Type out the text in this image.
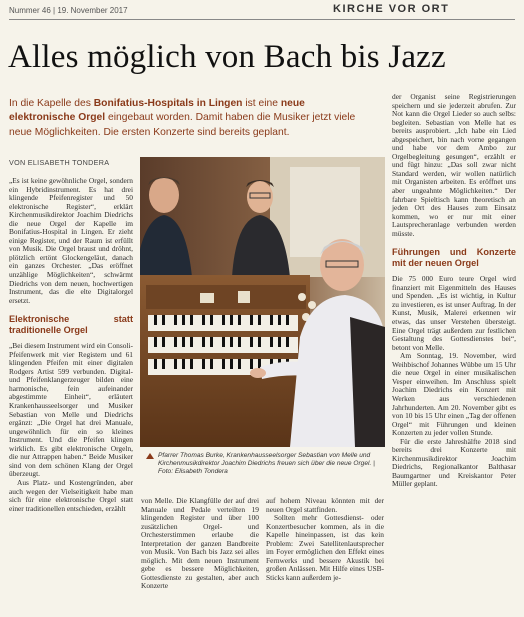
Nummer 46 | 19. November 2017	KIRCHE VOR ORT
Alles möglich von Bach bis Jazz
In die Kapelle des Bonifatius-Hospitals in Lingen ist eine neue elektronische Orgel eingebaut worden. Damit haben die Musiker jetzt viele neue Möglichkeiten. Die ersten Konzerte sind bereits geplant.
VON ELISABETH TONDERA

„Es ist keine gewöhnliche Orgel, sondern ein Hybridinstrument. Es hat drei klingende Pfeifenregister und 50 elektronische Register“, erklärt Kirchenmusikdirektor Joachim Diedrichs die neue Orgel der Kapelle im Bonifatius-Hospital in Lingen. Er zieht einige Register, und der Raum ist erfüllt von Musik. Die Orgel braust und dröhnt, plötzlich ertönt Glockengeläut, danach ein ganzes Orchester. „Das eröffnet unzählige Möglichkeiten“, schwärmt Diedrichs von dem neuen, hochwertigen Instrument, das die elte Digitalorgel ersetzt.

Elektronische statt traditionelle Orgel

„Bei diesem Instrument wird ein Consoli-Pfeifenwerk mit vier Registern und 61 klingenden Pfeifen mit einer digitalen Rodgers Artist 599 verbunden. Digital- und Pfeifenklangerzeuger bilden eine harmonische, fein aufeinander abgestimmte Einheit“, erläutert Krankenhausseelsorger und Musiker Sebastian von Melle und Diedrichs ergänzt: „Die Orgel hat drei Manuale, ungewöhnlich für ein so kleines Instrument. Und die Pfeifen klingen wirklich. Es gibt elektronische Orgeln, die nur Attrappen haben.“ Beide Musiker sind von dem schönen Klang der Orgel überzeugt.

Aus Platz- und Kostengründen, aber auch wegen der Vielseitigkeit habe man sich für eine elektronische Orgel statt einer traditionellen entschieden, erzählt

Pfarrer Thomas Burke, Krankenhausseelsorger Sebastian von Melle und Kirchenmusikdirektor Joachim Diedrichs freuen sich über die neue Orgel. | Foto: Elisabeth Tondera

von Melle. Die Klangfülle der auf drei Manuale und Pedale verteilten 19 klingenden Register und über 100 zusätzlichen Orgel- und Orchesterstimmen erlaube die Interpretation der ganzen Bandbreite von Musik. Von Bach bis Jazz sei alles möglich. Mit dem neuen Instrument gebe es bessere Möglichkeiten, Gottesdienste zu gestalten, aber auch Konzerte

auf hohem Niveau könnten mit der neuen Orgel stattfinden.

Sollten mehr Gottesdienst- oder Konzertbesucher kommen, als in die Kapelle hineinpassen, ist das kein Problem: Zwei Satellitenlautsprecher im Foyer ermöglichen den Effekt eines Fernwerks und bessere Akustik bei großen Anlässen. Mit Hilfe eines USB-Sticks kann außerdem je-

der Organist seine Registrierungen speichern und sie jederzeit abrufen. Zur Not kann die Orgel Lieder so auch selbs: begleiten. Sebastian von Melle hat es bereits ausprobiert. „Ich habe ein Lied abgespeichert, bin nach vorne gegangen und habe vor dem Ambo zur Orgelbegleitung gesungen“, erzählt er und fügt hinzu: „Das soll zwar nicht Standard werden, wir wollen natürlich mit Organisten arbeiten. Es eröffnet uns aber ungeahnte Möglichkeiten.“ Der fahrbare Spieltisch kann theoretisch an jeden Ort des Hauses zum Einsatz kommen, wo er nur mit einer Lautsprecheranlage verbunden werden müsste.

Führungen und Konzerte mit der neuen Orgel

Die 75 000 Euro teure Orgel wird finanziert mit Eigenmitteln des Hauses und Spenden. „Es ist wichtig, in Kultur zu investieren, es ist unser Auftrag. In der Kunst, Musik, Malerei erkennen wir etwas, das unser Verstehen übersteigt. Eine Orgel trägt außerdem zur festlichen Gestaltung des Gottesdienstes bei“, betont von Melle.

Am Sonntag, 19. November, wird Weihbischof Johannes Wübbe um 15 Uhr die neue Orgel in einer musikalischen Vesper einweihen. Im Anschluss spielt Joachim Diedrichs ein Konzert mit Werken aus verschiedenen Jahrhunderten. Am 20. November gibt es von 10 bis 15 Uhr einen „Tag der offenen Orgel“ mit Führungen und kleinen Konzerten zu jeder vollen Stunde.

Für die erste Jahreshälfte 2018 sind bereits drei Konzerte mit Kirchenmusikdirektor Joachim Diedrichs, Regionalkantor Balthasar Baumgartner und Kreiskantor Peter Müller geplant.
